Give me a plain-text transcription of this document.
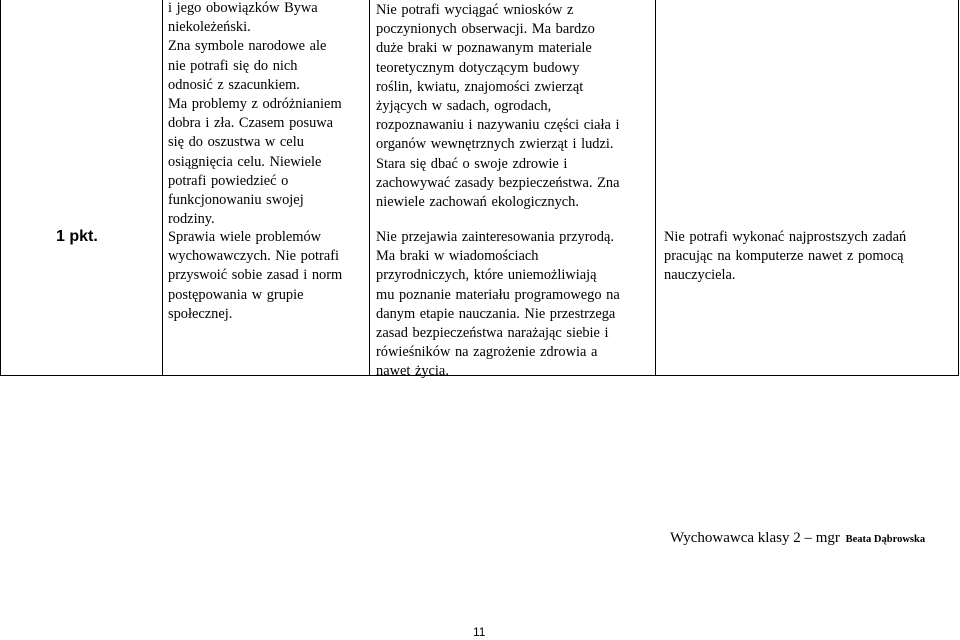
1 pkt.
i jego obowiązków Bywa
niekoleżeński.
Zna symbole narodowe ale
nie potrafi się do nich
odnosić z szacunkiem.
Ma problemy z odróżnianiem
dobra i zła. Czasem posuwa
się do oszustwa w celu
osiągnięcia celu. Niewiele
potrafi powiedzieć o
funkcjonowaniu swojej
rodziny.
Sprawia wiele problemów
wychowawczych. Nie potrafi
przyswoić sobie zasad i norm
postępowania w grupie
społecznej.
Nie potrafi wyciągać wniosków z
poczynionych obserwacji. Ma bardzo
duże braki w poznawanym materiale
teoretycznym dotyczącym budowy
roślin, kwiatu, znajomości zwierząt
żyjących w sadach, ogrodach,
rozpoznawaniu i nazywaniu części ciała i
organów wewnętrznych zwierząt i ludzi.
Stara się dbać o swoje zdrowie i
zachowywać zasady bezpieczeństwa. Zna
niewiele zachowań ekologicznych.
Nie przejawia zainteresowania przyrodą.
Ma braki w wiadomościach
przyrodniczych, które uniemożliwiają
mu poznanie materiału programowego na
danym etapie nauczania. Nie przestrzega
zasad bezpieczeństwa narażając siebie i
rówieśników na zagrożenie zdrowia a
nawet życia.
Nie potrafi wykonać najprostszych zadań
pracując na komputerze nawet z pomocą
nauczyciela.
Wychowawca klasy 2 – mgr Beata Dąbrowska
11
